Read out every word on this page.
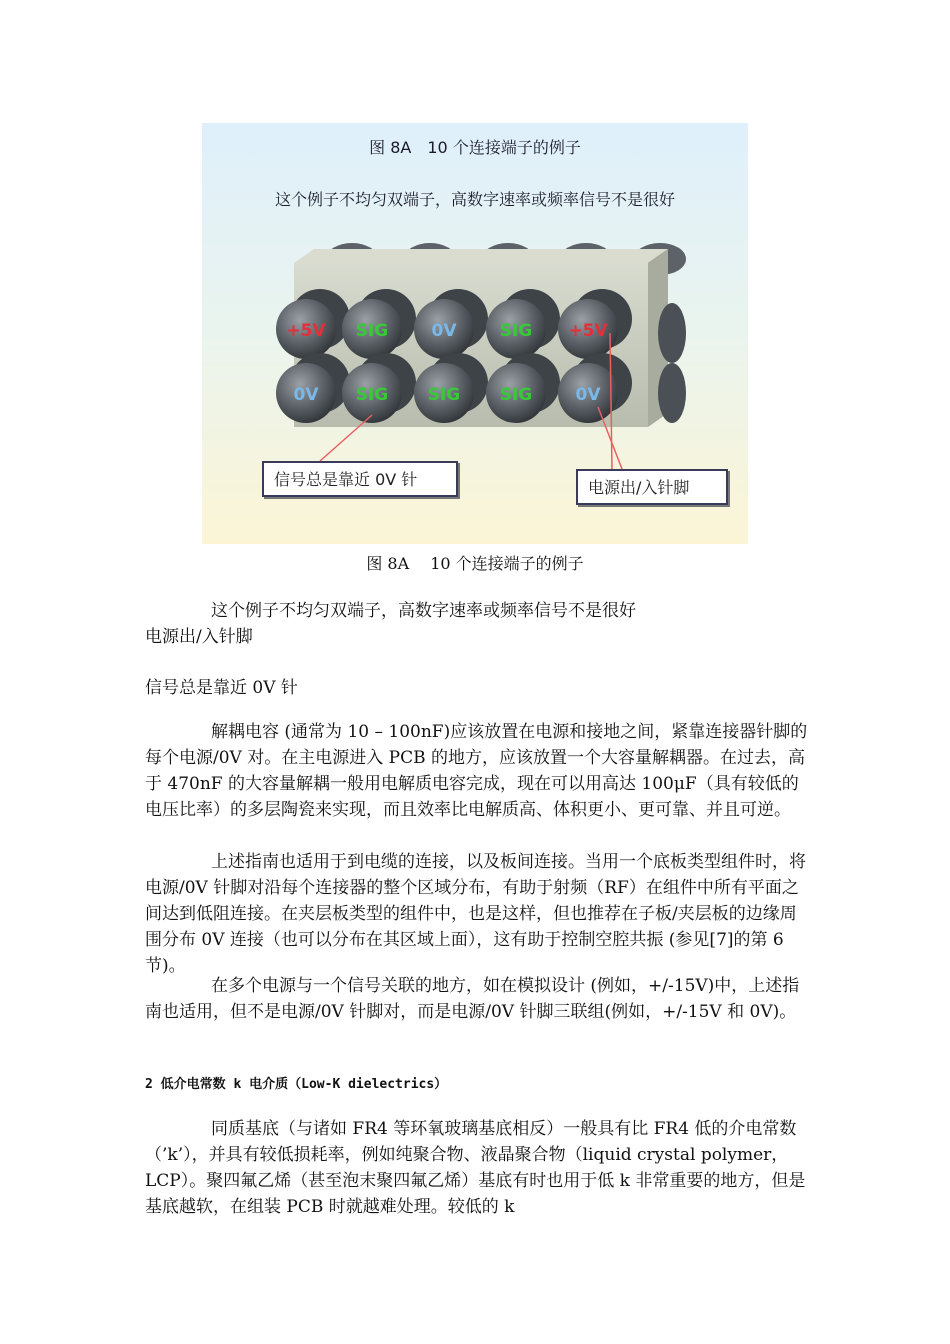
图 8A　10 个连接端子的例子
这个例子不均匀双端子，高数字速率或频率信号不是很好
+5V SIG	0V	SIG +5V
0V SIG SIG SIG	0V
信号总是靠近 0V 针	电源出/入针脚
图 8A　 10 个连接端子的例子

这个例子不均匀双端子，高数字速率或频率信号不是很好

电源出/入针脚

信号总是靠近 0V 针

解耦电容 (通常为 10 – 100nF)应该放置在电源和接地之间，紧靠连接器针脚的每个电源/0V 对。在主电源进入 PCB 的地方，应该放置一个大容量解耦器。在过去，高于 470nF 的大容量解耦一般用电解质电容完成，现在可以用高达 100μF（具有较低的电压比率）的多层陶瓷来实现，而且效率比电解质高、体积更小、更可靠、并且可逆。

上述指南也适用于到电缆的连接，以及板间连接。当用一个底板类型组件时，将电源/0V 针脚对沿每个连接器的整个区域分布，有助于射频（RF）在组件中所有平面之间达到低阻连接。在夹层板类型的组件中，也是这样，但也推荐在子板/夹层板的边缘周围分布 0V 连接（也可以分布在其区域上面），这有助于控制空腔共振 (参见[7]的第 6 节)。

在多个电源与一个信号关联的地方，如在模拟设计 (例如，+/-15V)中，上述指南也适用，但不是电源/0V 针脚对，而是电源/0V 针脚三联组(例如，+/-15V 和 0V)。

2 低介电常数 k 电介质（Low-K dielectrics）

同质基底（与诸如 FR4 等环氧玻璃基底相反）一般具有比 FR4 低的介电常数（’k’），并具有较低损耗率，例如纯聚合物、液晶聚合物（liquid crystal polymer，LCP）。聚四氟乙烯（甚至泡末聚四氟乙烯）基底有时也用于低 k 非常重要的地方，但是基底越软，在组装 PCB 时就越难处理。较低的 k
